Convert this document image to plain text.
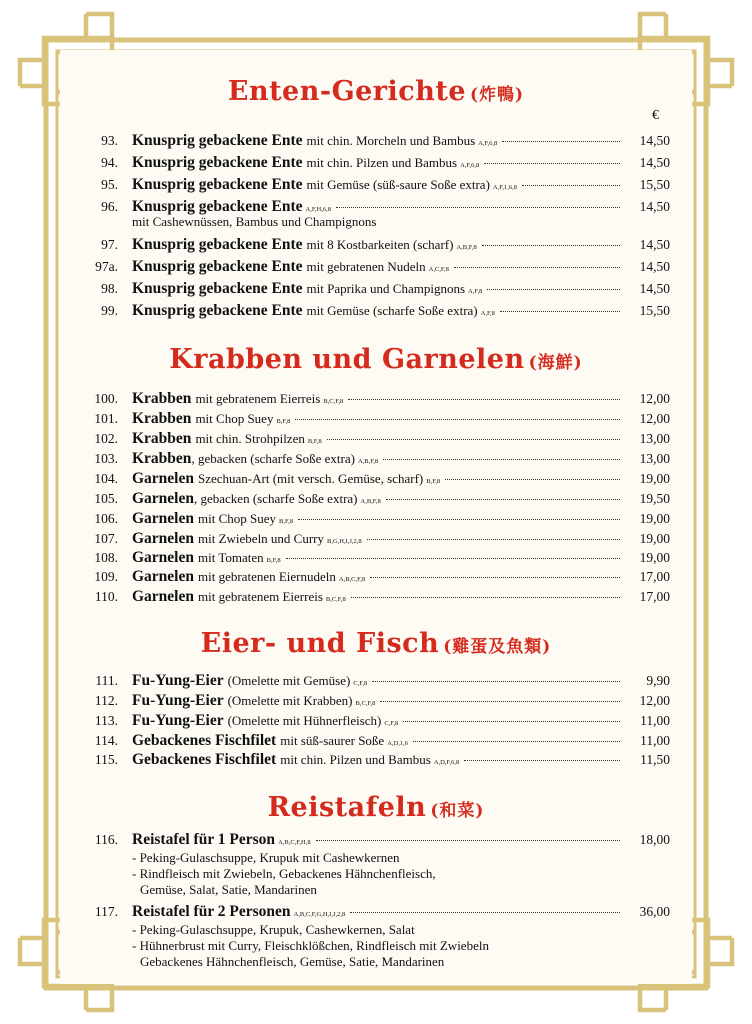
Enten-Gerichte (炸鴨)
93. Knusprig gebackene Ente mit chin. Morcheln und Bambus A,F,6,8	14,50
94. Knusprig gebackene Ente mit chin. Pilzen und Bambus A,F,6,8	14,50
95. Knusprig gebackene Ente mit Gemüse (süß-saure Soße extra) A,F,1,6,8	15,50
96. Knusprig gebackene Ente A,F,H,6,8	14,50
mit Cashewnüssen, Bambus und Champignons
97. Knusprig gebackene Ente mit 8 Kostbarkeiten (scharf) A,B,F,8	14,50
97a. Knusprig gebackene Ente mit gebratenen Nudeln A,C,F,8	14,50
98. Knusprig gebackene Ente mit Paprika und Champignons A,F,8	14,50
99. Knusprig gebackene Ente mit Gemüse (scharfe Soße extra) A,F,8	15,50
Krabben und Garnelen (海鮮)
100. Krabben mit gebratenem Eierreis B,C,F,8	12,00
101. Krabben mit Chop Suey B,F,8	12,00
102. Krabben mit chin. Strohpilzen B,F,8	13,00
103. Krabben , gebacken (scharfe Soße extra) A,B,F,8	13,00
104. Garnelen Szechuan-Art (mit versch. Gemüse, scharf) B,F,8	19,00
105. Garnelen , gebacken (scharfe Soße extra) A,B,F,8	19,50
106. Garnelen mit Chop Suey B,F,8	19,00
107. Garnelen mit Zwiebeln und Curry B,G,H,I,J,2,8	19,00
108. Garnelen mit Tomaten B,F,8	19,00
109. Garnelen mit gebratenen Eiernudeln A,B,C,F,8	17,00
110. Garnelen mit gebratenem Eierreis B,C,F,8	17,00
Eier- und Fisch (雞蛋及魚類)
111. Fu-Yung-Eier (Omelette mit Gemüse) C,F,8	9,90
112. Fu-Yung-Eier (Omelette mit Krabben) B,C,F,8	12,00
113. Fu-Yung-Eier (Omelette mit Hühnerfleisch) C,F,8	11,00
114. Gebackenes Fischfilet mit süß-saurer Soße A,D,1,6	11,00
115. Gebackenes Fischfilet mit chin. Pilzen und Bambus A,D,F,6,8	11,50
Reistafeln (和菜)
116. Reistafel für 1 Person A,B,C,F,H,8	18,00
- Peking-Gulaschsuppe, Krupuk mit Cashewkernen
- Rindfleisch mit Zwiebeln, Gebackenes Hähnchenfleisch,
Gemüse, Salat, Satie, Mandarinen
117. Reistafel für 2 Personen A,B,C,F,G,H,I,J,2,8	36,00
- Peking-Gulaschsuppe, Krupuk, Cashewkernen, Salat
- Hühnerbrust mit Curry, Fleischklößchen, Rindfleisch mit Zwiebeln
Gebackenes Hähnchenfleisch, Gemüse, Satie, Mandarinen
€
